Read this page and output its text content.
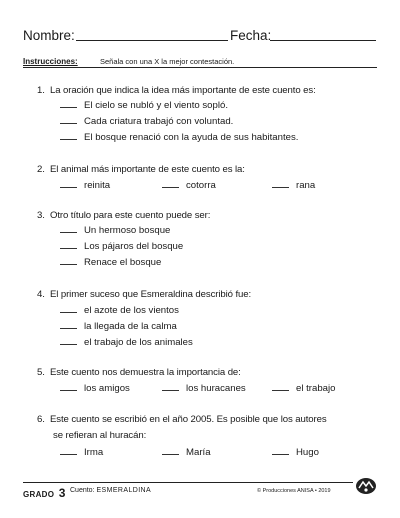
Nombre:	Fecha:
Instrucciones:	Señala con una X la mejor contestación.
1. La oración que indica la idea más importante de este cuento es:
El cielo se nubló y el viento sopló.
Cada criatura trabajó con voluntad.
El bosque renació con la ayuda de sus habitantes.
2. El animal más importante de este cuento es la:
reinita	cotorra	rana
3. Otro título para este cuento puede ser:
Un hermoso bosque
Los pájaros del bosque
Renace el bosque
4. El primer suceso que Esmeraldina describió fue:
el azote de los vientos
la llegada de la calma
el trabajo de los animales
5. Este cuento nos demuestra la importancia de:
los amigos	los huracanes	el trabajo
6. Este cuento se escribió en el año 2005. Es posible que los autores
se refieran al huracán:
Irma	María	Hugo
GRADO 3 Cuento: ESMERALDINA	© Producciones ANISA • 2019
